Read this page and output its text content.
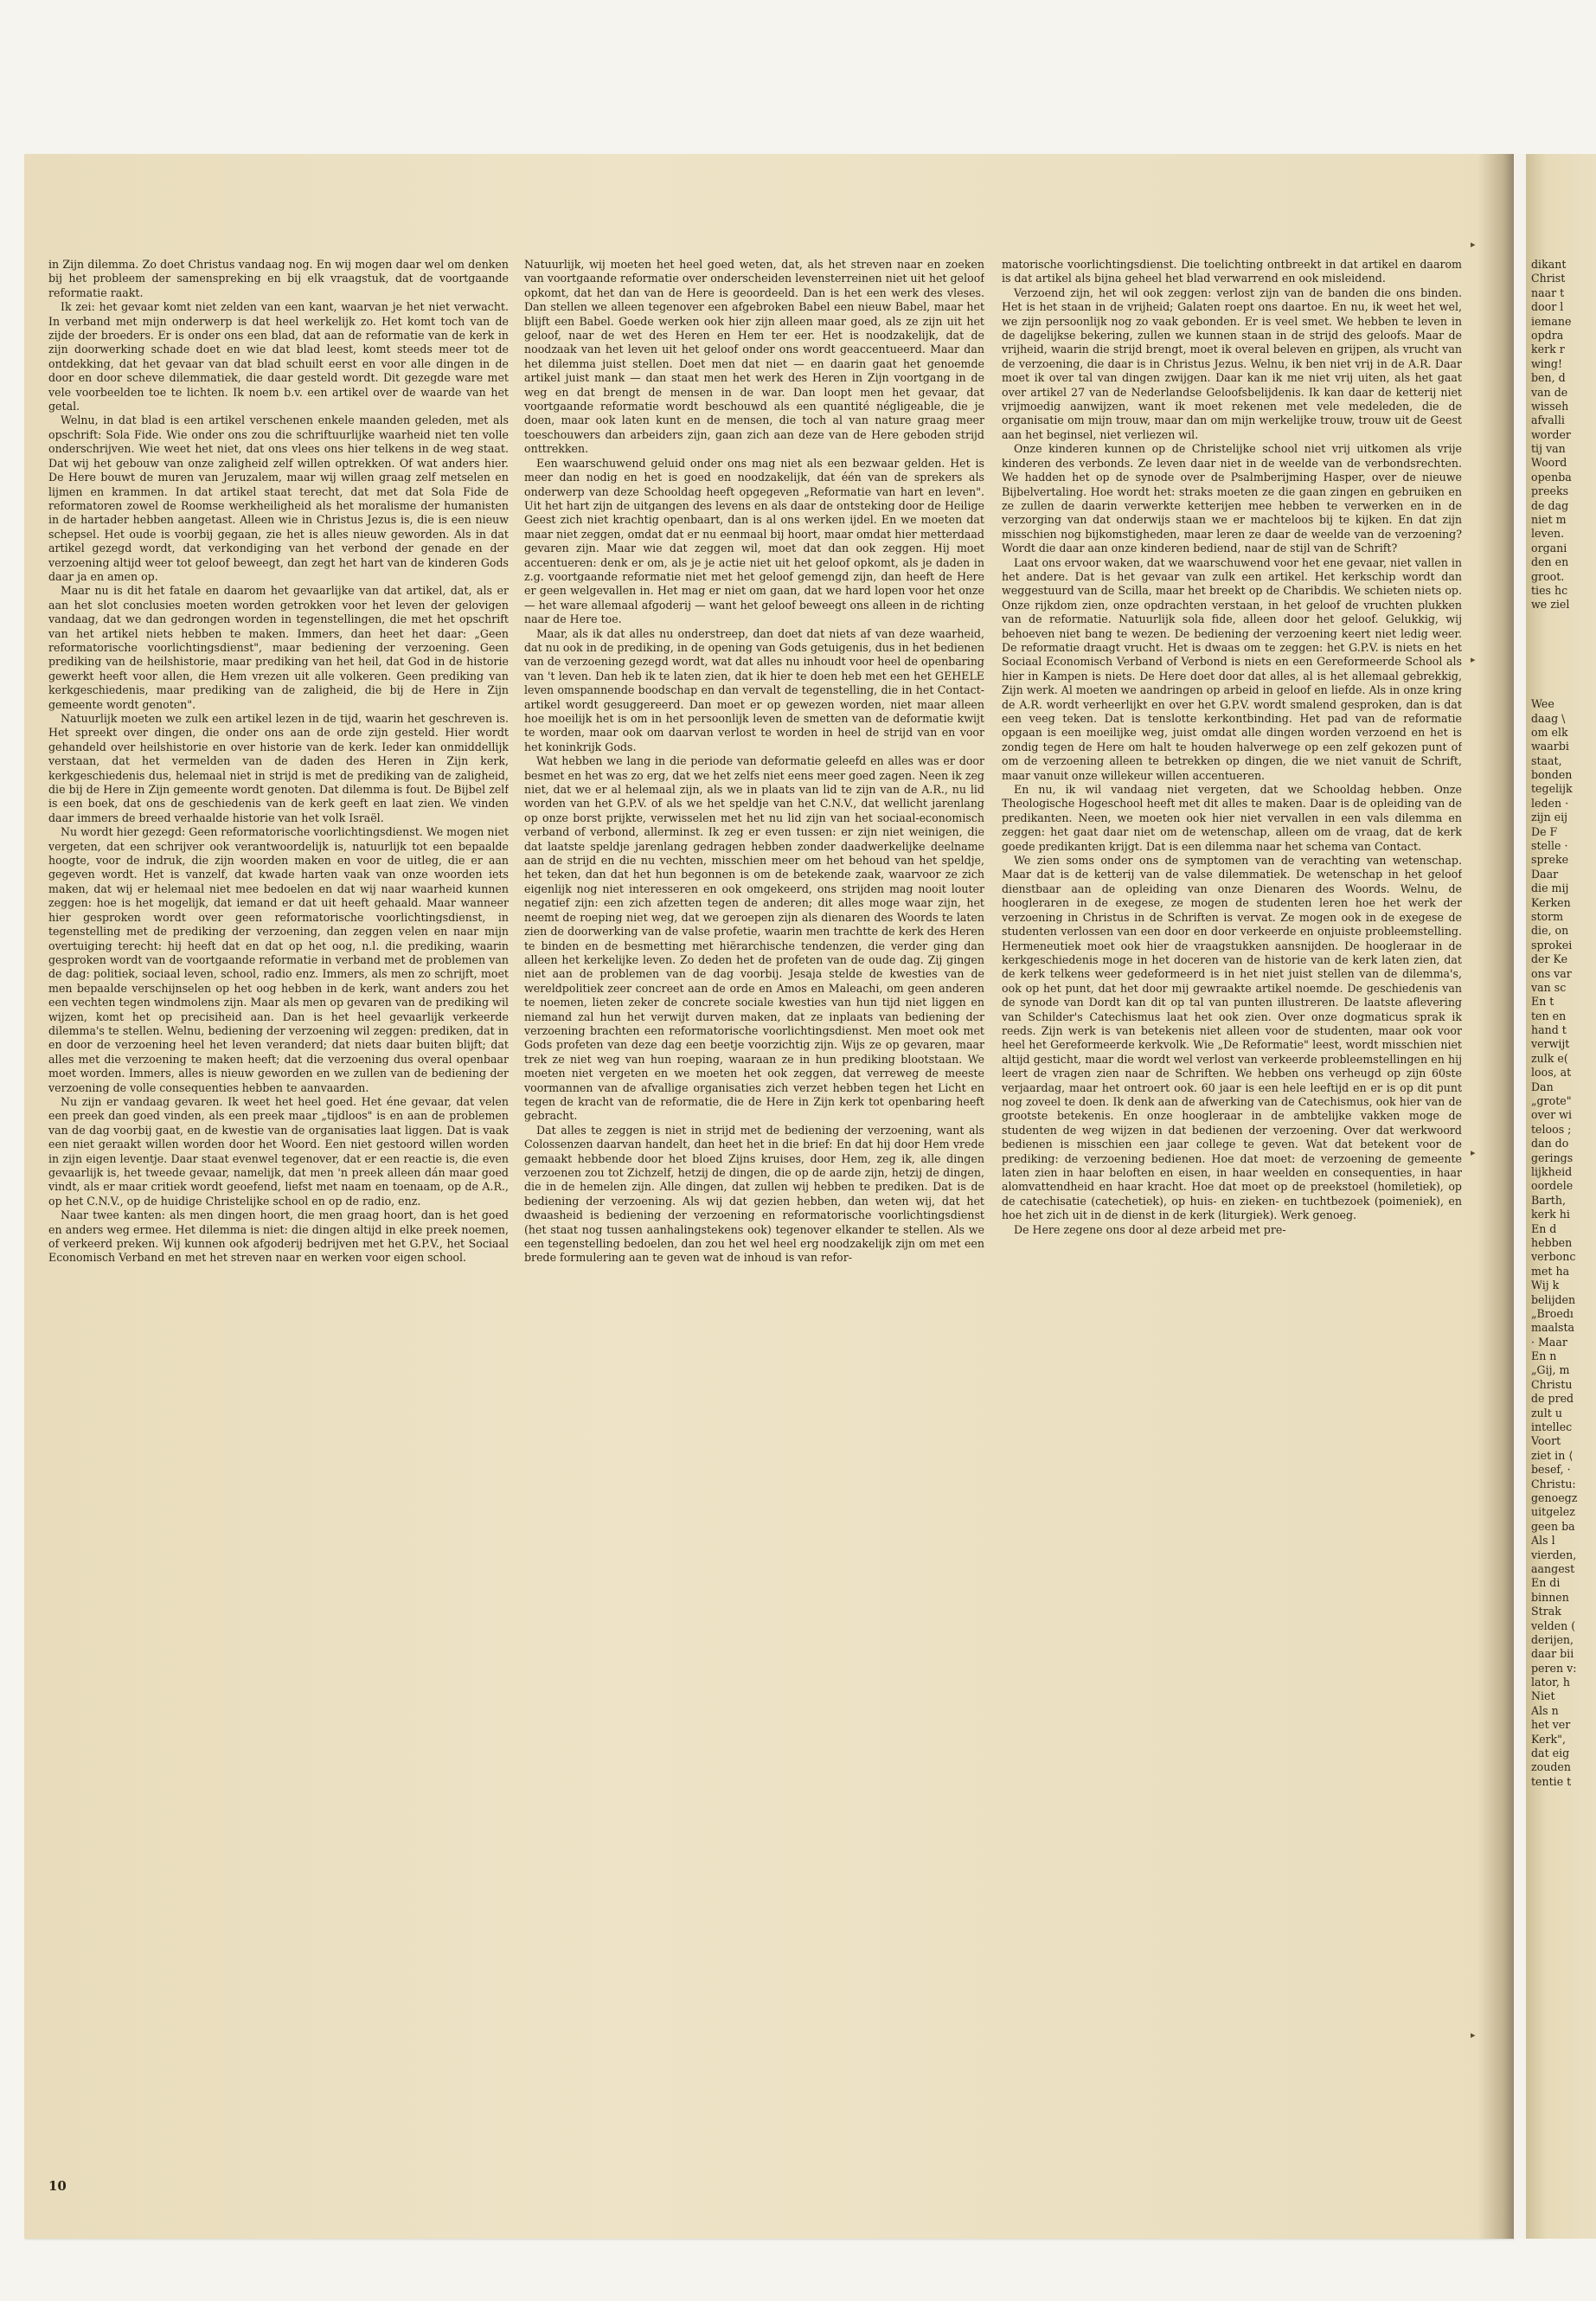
in Zijn dilemma. Zo doet Christus vandaag nog. En wij mogen daar wel om denken bij het probleem der samenspreking en bij elk vraagstuk, dat de voortgaande reformatie raakt.

Ik zei: het gevaar komt niet zelden van een kant, waarvan je het niet verwacht. In verband met mijn onderwerp is dat heel werkelijk zo. Het komt toch van de zijde der broeders. Er is onder ons een blad, dat aan de reformatie van de kerk in zijn doorwerking schade doet en wie dat blad leest, komt steeds meer tot de ontdekking, dat het gevaar van dat blad schuilt eerst en voor alle dingen in de door en door scheve dilemmatiek, die daar gesteld wordt. Dit gezegde ware met vele voorbeelden toe te lichten. Ik noem b.v. een artikel over de waarde van het getal.

Welnu, in dat blad is een artikel verschenen enkele maanden geleden, met als opschrift: Sola Fide. Wie onder ons zou die schriftuurlijke waarheid niet ten volle onderschrijven. Wie weet het niet, dat ons vlees ons hier telkens in de weg staat. Dat wij het gebouw van onze zaligheid zelf willen optrekken. Of wat anders hier. De Here bouwt de muren van Jeruzalem, maar wij willen graag zelf metselen en lijmen en krammen. In dat artikel staat terecht, dat met dat Sola Fide de reformatoren zowel de Roomse werkheiligheid als het moralisme der humanisten in de hartader hebben aangetast. Alleen wie in Christus Jezus is, die is een nieuw schepsel. Het oude is voorbij gegaan, zie het is alles nieuw geworden. Als in dat artikel gezegd wordt, dat verkondiging van het verbond der genade en der verzoening altijd weer tot geloof beweegt, dan zegt het hart van de kinderen Gods daar ja en amen op.

Maar nu is dit het fatale en daarom het gevaarlijke van dat artikel, dat, als er aan het slot conclusies moeten worden getrokken voor het leven der gelovigen vandaag, dat we dan gedrongen worden in tegenstellingen, die met het opschrift van het artikel niets hebben te maken. Immers, dan heet het daar: „Geen reformatorische voorlichtingsdienst", maar bediening der verzoening. Geen prediking van de heilshistorie, maar prediking van het heil, dat God in de historie gewerkt heeft voor allen, die Hem vrezen uit alle volkeren. Geen prediking van kerkgeschiedenis, maar prediking van de zaligheid, die bij de Here in Zijn gemeente wordt genoten".

Natuurlijk moeten we zulk een artikel lezen in de tijd, waarin het geschreven is. Het spreekt over dingen, die onder ons aan de orde zijn gesteld. Hier wordt gehandeld over heilshistorie en over historie van de kerk. Ieder kan onmiddellijk verstaan, dat het vermelden van de daden des Heren in Zijn kerk, kerkgeschiedenis dus, helemaal niet in strijd is met de prediking van de zaligheid, die bij de Here in Zijn gemeente wordt genoten. Dat dilemma is fout. De Bijbel zelf is een boek, dat ons de geschiedenis van de kerk geeft en laat zien. We vinden daar immers de breed verhaalde historie van het volk Israël.

Nu wordt hier gezegd: Geen reformatorische voorlichtingsdienst. We mogen niet vergeten, dat een schrijver ook verantwoordelijk is, natuurlijk tot een bepaalde hoogte, voor de indruk, die zijn woorden maken en voor de uitleg, die er aan gegeven wordt. Het is vanzelf, dat kwade harten vaak van onze woorden iets maken, dat wij er helemaal niet mee bedoelen en dat wij naar waarheid kunnen zeggen: hoe is het mogelijk, dat iemand er dat uit heeft gehaald. Maar wanneer hier gesproken wordt over geen reformatorische voorlichtingsdienst, in tegenstelling met de prediking der verzoening, dan zeggen velen en naar mijn overtuiging terecht: hij heeft dat en dat op het oog, n.l. die prediking, waarin gesproken wordt van de voortgaande reformatie in verband met de problemen van de dag: politiek, sociaal leven, school, radio enz. Immers, als men zo schrijft, moet men bepaalde verschijnselen op het oog hebben in de kerk, want anders zou het een vechten tegen windmolens zijn. Maar als men op gevaren van de prediking wil wijzen, komt het op precisiheid aan. Dan is het heel gevaarlijk verkeerde dilemma's te stellen. Welnu, bediening der verzoening wil zeggen: prediken, dat in en door de verzoening heel het leven veranderd; dat niets daar buiten blijft; dat alles met die verzoening te maken heeft; dat die verzoening dus overal openbaar moet worden. Immers, alles is nieuw geworden en we zullen van de bediening der verzoening de volle consequenties hebben te aanvaarden.

Nu zijn er vandaag gevaren. Ik weet het heel goed. Het éne gevaar, dat velen een preek dan goed vinden, als een preek maar „tijdloos" is en aan de problemen van de dag voorbij gaat, en de kwestie van de organisaties laat liggen. Dat is vaak een niet geraakt willen worden door het Woord. Een niet gestoord willen worden in zijn eigen leventje. Daar staat evenwel tegenover, dat er een reactie is, die even gevaarlijk is, het tweede gevaar, namelijk, dat men 'n preek alleen dán maar goed vindt, als er maar critiek wordt geoefend, liefst met naam en toenaam, op de A.R., op het C.N.V., op de huidige Christelijke school en op de radio, enz.

Naar twee kanten: als men dingen hoort, die men graag hoort, dan is het goed en anders weg ermee. Het dilemma is niet: die dingen altijd in elke preek noemen, of verkeerd preken. Wij kunnen ook afgoderij bedrijven met het G.P.V., het Sociaal Economisch Verband en met het streven naar en werken voor eigen school.

Natuurlijk, wij moeten het heel goed weten, dat, als het streven naar en zoeken van voortgaande reformatie over onderscheiden levensterreinen niet uit het geloof opkomt, dat het dan van de Here is geoordeeld. Dan is het een werk des vleses. Dan stellen we alleen tegenover een afgebroken Babel een nieuw Babel, maar het blijft een Babel. Goede werken ook hier zijn alleen maar goed, als ze zijn uit het geloof, naar de wet des Heren en Hem ter eer. Het is noodzakelijk, dat de noodzaak van het leven uit het geloof onder ons wordt geaccentueerd. Maar dan het dilemma juist stellen. Doet men dat niet — en daarin gaat het genoemde artikel juist mank — dan staat men het werk des Heren in Zijn voortgang in de weg en dat brengt de mensen in de war. Dan loopt men het gevaar, dat voortgaande reformatie wordt beschouwd als een quantité négligeable, die je doen, maar ook laten kunt en de mensen, die toch al van nature graag meer toeschouwers dan arbeiders zijn, gaan zich aan deze van de Here geboden strijd onttrekken.

Een waarschuwend geluid onder ons mag niet als een bezwaar gelden. Het is meer dan nodig en het is goed en noodzakelijk, dat één van de sprekers als onderwerp van deze Schooldag heeft opgegeven „Reformatie van hart en leven". Uit het hart zijn de uitgangen des levens en als daar de ontsteking door de Heilige Geest zich niet krachtig openbaart, dan is al ons werken ijdel. En we moeten dat maar niet zeggen, omdat dat er nu eenmaal bij hoort, maar omdat hier metterdaad gevaren zijn. Maar wie dat zeggen wil, moet dat dan ook zeggen. Hij moet accentueren: denk er om, als je je actie niet uit het geloof opkomt, als je daden in z.g. voortgaande reformatie niet met het geloof gemengd zijn, dan heeft de Here er geen welgevallen in. Het mag er niet om gaan, dat we hard lopen voor het onze — het ware allemaal afgoderij — want het geloof beweegt ons alleen in de richting naar de Here toe.

Maar, als ik dat alles nu onderstreep, dan doet dat niets af van deze waarheid, dat nu ook in de prediking, in de opening van Gods getuigenis, dus in het bedienen van de verzoening gezegd wordt, wat dat alles nu inhoudt voor heel de openbaring van 't leven. Dan heb ik te laten zien, dat ik hier te doen heb met een het GEHELE leven omspannende boodschap en dan vervalt de tegenstelling, die in het Contact-artikel wordt gesuggereerd. Dan moet er op gewezen worden, niet maar alleen hoe moeilijk het is om in het persoonlijk leven de smetten van de deformatie kwijt te worden, maar ook om daarvan verlost te worden in heel de strijd van en voor het koninkrijk Gods.

Wat hebben we lang in die periode van deformatie geleefd en alles was er door besmet en het was zo erg, dat we het zelfs niet eens meer goed zagen. Neen ik zeg niet, dat we er al helemaal zijn, als we in plaats van lid te zijn van de A.R., nu lid worden van het G.P.V. of als we het speldje van het C.N.V., dat wellicht jarenlang op onze borst prijkte, verwisselen met het nu lid zijn van het sociaal-economisch verband of verbond, allerminst. Ik zeg er even tussen: er zijn niet weinigen, die dat laatste speldje jarenlang gedragen hebben zonder daadwerkelijke deelname aan de strijd en die nu vechten, misschien meer om het behoud van het speldje, het teken, dan dat het hun begonnen is om de betekende zaak, waarvoor ze zich eigenlijk nog niet interesseren en ook omgekeerd, ons strijden mag nooit louter negatief zijn: een zich afzetten tegen de anderen; dit alles moge waar zijn, het neemt de roeping niet weg, dat we geroepen zijn als dienaren des Woords te laten zien de doorwerking van de valse profetie, waarin men trachtte de kerk des Heren te binden en de besmetting met hiërarchische tendenzen, die verder ging dan alleen het kerkelijke leven. Zo deden het de profeten van de oude dag. Zij gingen niet aan de problemen van de dag voorbij. Jesaja stelde de kwesties van de wereldpolitiek zeer concreet aan de orde en Amos en Maleachi, om geen anderen te noemen, lieten zeker de concrete sociale kwesties van hun tijd niet liggen en niemand zal hun het verwijt durven maken, dat ze inplaats van bediening der verzoening brachten een reformatorische voorlichtingsdienst. Men moet ook met Gods profeten van deze dag een beetje voorzichtig zijn. Wijs ze op gevaren, maar trek ze niet weg van hun roeping, waaraan ze in hun prediking blootstaan. We moeten niet vergeten en we moeten het ook zeggen, dat verreweg de meeste voormannen van de afvallige organisaties zich verzet hebben tegen het Licht en tegen de kracht van de reformatie, die de Here in Zijn kerk tot openbaring heeft gebracht.

Dat alles te zeggen is niet in strijd met de bediening der verzoening, want als Colossenzen daarvan handelt, dan heet het in die brief: En dat hij door Hem vrede gemaakt hebbende door het bloed Zijns kruises, door Hem, zeg ik, alle dingen verzoenen zou tot Zichzelf, hetzij de dingen, die op de aarde zijn, hetzij de dingen, die in de hemelen zijn. Alle dingen, dat zullen wij hebben te prediken. Dat is de bediening der verzoening. Als wij dat gezien hebben, dan weten wij, dat het dwaasheid is bediening der verzoening en reformatorische voorlichtingsdienst (het staat nog tussen aanhalingstekens ook) tegenover elkander te stellen. Als we een tegenstelling bedoelen, dan zou het wel heel erg noodzakelijk zijn om met een brede formulering aan te geven wat de inhoud is van refor-

matorische voorlichtingsdienst. Die toelichting ontbreekt in dat artikel en daarom is dat artikel als bijna geheel het blad verwarrend en ook misleidend.

Verzoend zijn, het wil ook zeggen: verlost zijn van de banden die ons binden. Het is het staan in de vrijheid; Galaten roept ons daartoe. En nu, ik weet het wel, we zijn persoonlijk nog zo vaak gebonden. Er is veel smet. We hebben te leven in de dagelijkse bekering, zullen we kunnen staan in de strijd des geloofs. Maar de vrijheid, waarin die strijd brengt, moet ik overal beleven en grijpen, als vrucht van de verzoening, die daar is in Christus Jezus. Welnu, ik ben niet vrij in de A.R. Daar moet ik over tal van dingen zwijgen. Daar kan ik me niet vrij uiten, als het gaat over artikel 27 van de Nederlandse Geloofsbelijdenis. Ik kan daar de ketterij niet vrijmoedig aanwijzen, want ik moet rekenen met vele medeleden, die de organisatie om mijn trouw, maar dan om mijn werkelijke trouw, trouw uit de Geest aan het beginsel, niet verliezen wil.

Onze kinderen kunnen op de Christelijke school niet vrij uitkomen als vrije kinderen des verbonds. Ze leven daar niet in de weelde van de verbondsrechten. We hadden het op de synode over de Psalmberijming Hasper, over de nieuwe Bijbelvertaling. Hoe wordt het: straks moeten ze die gaan zingen en gebruiken en ze zullen de daarin verwerkte ketterijen mee hebben te verwerken en in de verzorging van dat onderwijs staan we er machteloos bij te kijken. En dat zijn misschien nog bijkomstigheden, maar leren ze daar de weelde van de verzoening? Wordt die daar aan onze kinderen bediend, naar de stijl van de Schrift?

Laat ons ervoor waken, dat we waarschuwend voor het ene gevaar, niet vallen in het andere. Dat is het gevaar van zulk een artikel. Het kerkschip wordt dan weggestuurd van de Scilla, maar het breekt op de Charibdis. We schieten niets op. Onze rijkdom zien, onze opdrachten verstaan, in het geloof de vruchten plukken van de reformatie. Natuurlijk sola fide, alleen door het geloof. Gelukkig, wij behoeven niet bang te wezen. De bediening der verzoening keert niet ledig weer. De reformatie draagt vrucht. Het is dwaas om te zeggen: het G.P.V. is niets en het Sociaal Economisch Verband of Verbond is niets en een Gereformeerde School als hier in Kampen is niets. De Here doet door dat alles, al is het allemaal gebrekkig, Zijn werk. Al moeten we aandringen op arbeid in geloof en liefde. Als in onze kring de A.R. wordt verheerlijkt en over het G.P.V. wordt smalend gesproken, dan is dat een veeg teken. Dat is tenslotte kerkontbinding. Het pad van de reformatie opgaan is een moeilijke weg, juist omdat alle dingen worden verzoend en het is zondig tegen de Here om halt te houden halverwege op een zelf gekozen punt of om de verzoening alleen te betrekken op dingen, die we niet vanuit de Schrift, maar vanuit onze willekeur willen accentueren.

En nu, ik wil vandaag niet vergeten, dat we Schooldag hebben. Onze Theologische Hogeschool heeft met dit alles te maken. Daar is de opleiding van de predikanten. Neen, we moeten ook hier niet vervallen in een vals dilemma en zeggen: het gaat daar niet om de wetenschap, alleen om de vraag, dat de kerk goede predikanten krijgt. Dat is een dilemma naar het schema van Contact.

We zien soms onder ons de symptomen van de verachting van wetenschap. Maar dat is de ketterij van de valse dilemmatiek. De wetenschap in het geloof dienstbaar aan de opleiding van onze Dienaren des Woords. Welnu, de hoogleraren in de exegese, ze mogen de studenten leren hoe het werk der verzoening in Christus in de Schriften is vervat. Ze mogen ook in de exegese de studenten verlossen van een door en door verkeerde en onjuiste probleemstelling. Hermeneutiek moet ook hier de vraagstukken aansnijden. De hoogleraar in de kerkgeschiedenis moge in het doceren van de historie van de kerk laten zien, dat de kerk telkens weer gedeformeerd is in het niet juist stellen van de dilemma's, ook op het punt, dat het door mij gewraakte artikel noemde. De geschiedenis van de synode van Dordt kan dit op tal van punten illustreren. De laatste aflevering van Schilder's Catechismus laat het ook zien. Over onze dogmaticus sprak ik reeds. Zijn werk is van betekenis niet alleen voor de studenten, maar ook voor heel het Gereformeerde kerkvolk. Wie „De Reformatie" leest, wordt misschien niet altijd gesticht, maar die wordt wel verlost van verkeerde probleemstellingen en hij leert de vragen zien naar de Schriften. We hebben ons verheugd op zijn 60ste verjaardag, maar het ontroert ook. 60 jaar is een hele leeftijd en er is op dit punt nog zoveel te doen. Ik denk aan de afwerking van de Catechismus, ook hier van de grootste betekenis. En onze hoogleraar in de ambtelijke vakken moge de studenten de weg wijzen in dat bedienen der verzoening. Over dat werkwoord bedienen is misschien een jaar college te geven. Wat dat betekent voor de prediking: de verzoening bedienen. Hoe dat moet: de verzoening de gemeente laten zien in haar beloften en eisen, in haar weelden en consequenties, in haar alomvattendheid en haar kracht. Hoe dat moet op de preekstoel (homiletiek), op de catechisatie (catechetiek), op huis- en zieken- en tuchtbezoek (poimeniek), en hoe het zich uit in de dienst in de kerk (liturgiek). Werk genoeg.

De Here zegene ons door al deze arbeid met pre-

dikant
Christ
naar t
door l
iemane
opdra
kerk r
wing!
ben, d
van de
wisseh
afvalli
worder
tij van
Woord
openba
preeks
de dag
niet m
leven.
organi
den en
groot.
ties hc
we ziel
Wee
daag \
om elk
waarbi
staat,
bonden
tegelijk
leden ·
zijn eij
De F
stelle ·
spreke
Daar
die mij
Kerken
storm
die, on
sprokei
der Ke
ons var
van sc
En t
ten en
hand t
verwijt
zulk e(
loos, at
Dan
„grote"
over wi
teloos ;
dan do
gerings
lijkheid
oordele
Barth,
kerk hi
En d
hebben
verbonc
met ha
Wij k
belijden
„Broedı
maalsta
· Maar
En n
„Gij, m
Christu
de pred
zult u
intellec
Voort
ziet in ⟨
besef, ·
Christu:
genoegz
uitgelez
geen ba
Als l
vierden,
aangest
En di
binnen
Strak
velden (
derijen,
daar bii
peren v:
lator, h
Niet
Als n
het ver
Kerk",
dat eig
zouden
tentie t
10
▸
▸
▸
▸
